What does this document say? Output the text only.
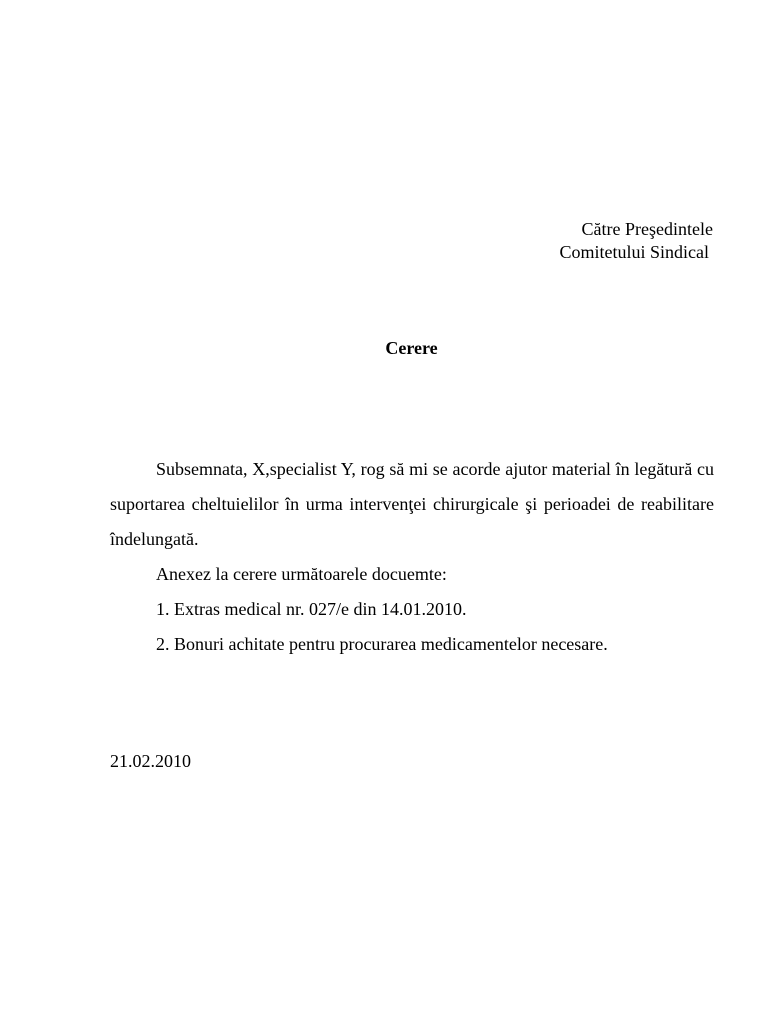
Către Preşedintele
Comitetului Sindical
Cerere

Subsemnata, X,specialist Y, rog să mi se acorde ajutor material în legătură cu suportarea cheltuielilor în urma intervenţei chirurgicale şi perioadei de reabilitare îndelungată.

Anexez la cerere următoarele docuemte:

1. Extras medical nr. 027/e din 14.01.2010.

2. Bonuri achitate pentru procurarea medicamentelor necesare.

21.02.2010
